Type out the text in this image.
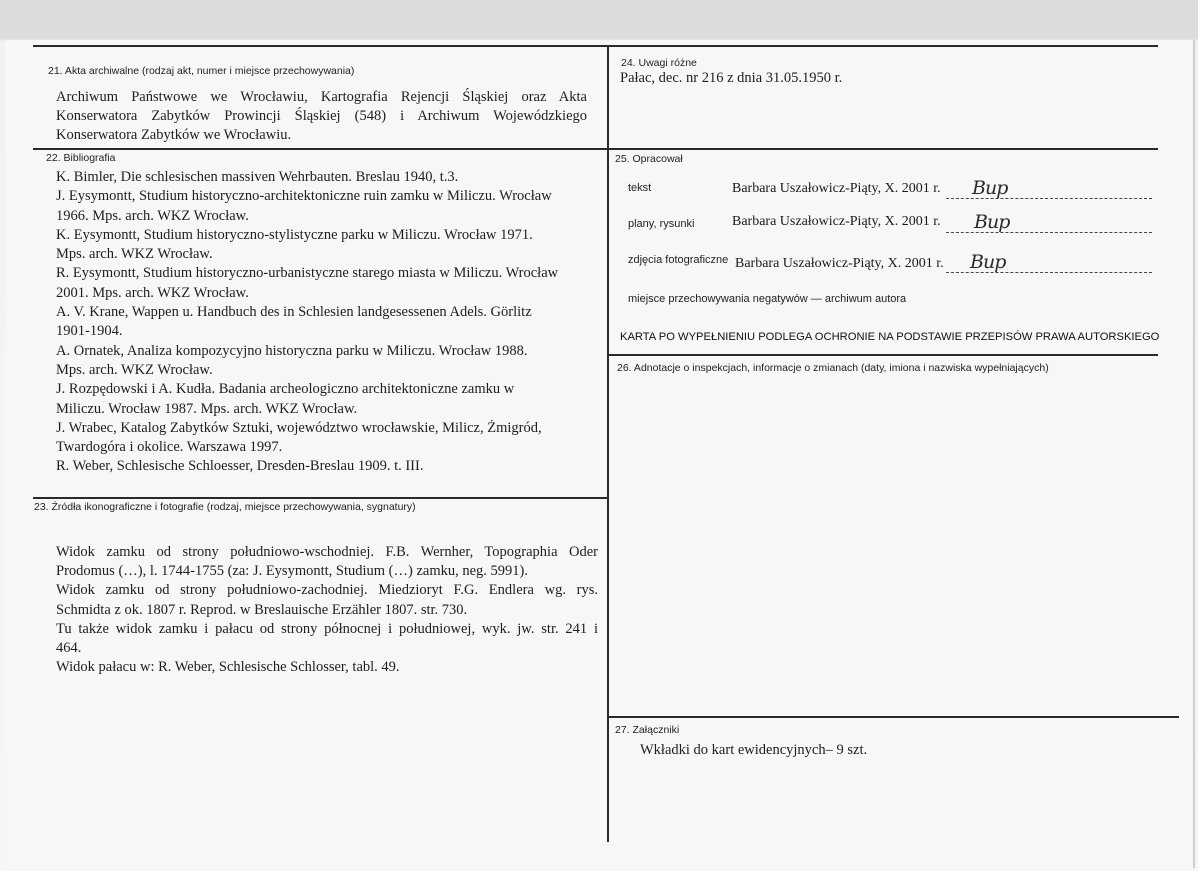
21. Akta archiwalne (rodzaj akt, numer i miejsce przechowywania)
Archiwum Państwowe we Wrocławiu, Kartografia Rejencji Śląskiej oraz Akta
Konserwatora Zabytków Prowincji Śląskiej (548) i Archiwum Wojewódzkiego
Konserwatora Zabytków we Wrocławiu.
22. Bibliografia
K. Bimler, Die schlesischen massiven Wehrbauten. Breslau 1940, t.3.
J. Eysymontt, Studium historyczno-architektoniczne ruin zamku w Miliczu. Wrocław
1966. Mps. arch. WKZ Wrocław.
K. Eysymontt, Studium historyczno-stylistyczne parku w Miliczu. Wrocław 1971.
Mps. arch. WKZ Wrocław.
R. Eysymontt, Studium historyczno-urbanistyczne starego miasta w Miliczu. Wrocław
2001. Mps. arch. WKZ Wrocław.
A. V. Krane, Wappen u. Handbuch des in Schlesien landgesessenen Adels. Görlitz
1901-1904.
A. Ornatek, Analiza kompozycyjno historyczna parku w Miliczu. Wrocław 1988.
Mps. arch. WKZ Wrocław.
J. Rozpędowski i A. Kudła. Badania archeologiczno architektoniczne zamku w
Miliczu. Wrocław 1987. Mps. arch. WKZ Wrocław.
J. Wrabec, Katalog Zabytków Sztuki, województwo wrocławskie, Milicz, Żmigród,
Twardogóra i okolice. Warszawa 1997.
R. Weber, Schlesische Schloesser, Dresden-Breslau 1909. t. III.
23. Źródła ikonograficzne i fotografie (rodzaj, miejsce przechowywania, sygnatury)
Widok zamku od strony południowo-wschodniej. F.B. Wernher, Topographia Oder
Prodomus (…), l. 1744-1755 (za: J. Eysymontt, Studium (…) zamku, neg. 5991).
Widok zamku od strony południowo-zachodniej. Miedzioryt F.G. Endlera wg. rys.
Schmidta z ok. 1807 r. Reprod. w Breslauische Erzähler 1807. str. 730.
Tu także widok zamku i pałacu od strony północnej i południowej, wyk. jw. str. 241 i
464.
Widok pałacu w: R. Weber, Schlesische Schlosser, tabl. 49.
24. Uwagi różne
Pałac, dec. nr 216 z dnia 31.05.1950 r.
25. Opracował
tekst	Barbara Uszałowicz-Piąty, X. 2001 r. Bup
plany, rysunki	Barbara Uszałowicz-Piąty, X. 2001 r. Bup
zdjęcia fotograficzne Barbara Uszałowicz-Piąty, X. 2001 r. Bup
miejsce przechowywania negatywów — archiwum autora
KARTA PO WYPEŁNIENIU PODLEGA OCHRONIE NA PODSTAWIE PRZEPISÓW PRAWA AUTORSKIEGO
26. Adnotacje o inspekcjach, informacje o zmianach (daty, imiona i nazwiska wypełniających)
27. Załączniki
Wkładki do kart ewidencyjnych– 9 szt.
